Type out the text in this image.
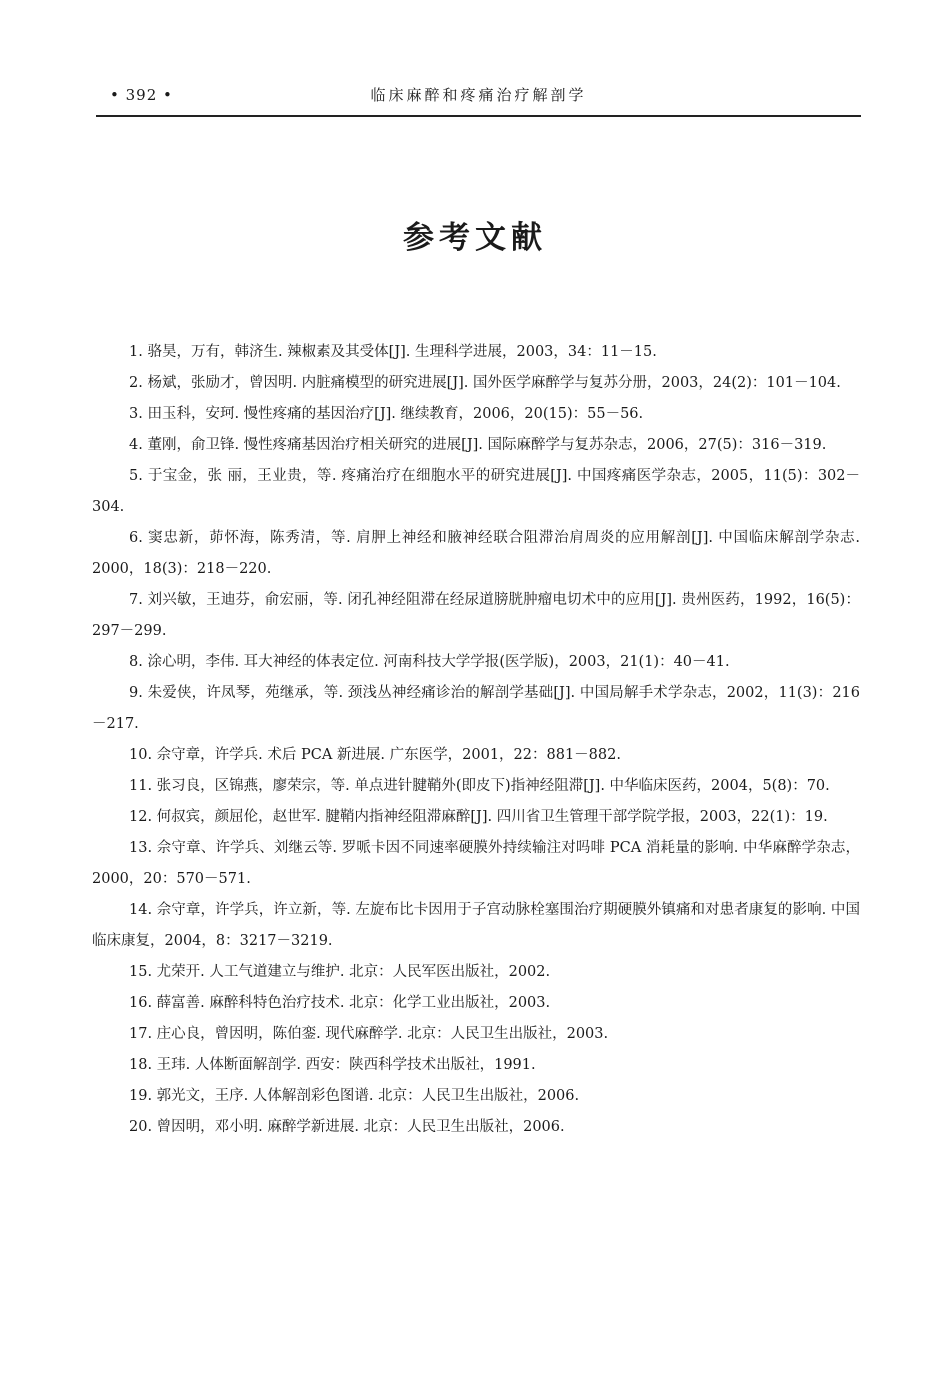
• 392 •	临床麻醉和疼痛治疗解剖学
参考文献

1. 骆昊，万有，韩济生. 辣椒素及其受体[J]. 生理科学进展，2003，34：11－15.

2. 杨斌，张励才，曾因明. 内脏痛模型的研究进展[J]. 国外医学麻醉学与复苏分册，2003，24(2)：101－104.

3. 田玉科，安珂. 慢性疼痛的基因治疗[J]. 继续教育，2006，20(15)：55－56.

4. 董刚，俞卫锋. 慢性疼痛基因治疗相关研究的进展[J]. 国际麻醉学与复苏杂志，2006，27(5)：316－319.

5. 于宝金，张 丽，王业贵，等. 疼痛治疗在细胞水平的研究进展[J]. 中国疼痛医学杂志，2005，11(5)：302－304.

6. 窦忠新，茆怀海，陈秀清，等. 肩胛上神经和腋神经联合阻滞治肩周炎的应用解剖[J]. 中国临床解剖学杂志. 2000，18(3)：218－220.

7. 刘兴敏，王迪芬，俞宏丽，等. 闭孔神经阻滞在经尿道膀胱肿瘤电切术中的应用[J]. 贵州医药，1992，16(5)：297－299.

8. 涂心明，李伟. 耳大神经的体表定位. 河南科技大学学报(医学版)，2003，21(1)：40－41.

9. 朱爱侠，许凤琴，苑继承，等. 颈浅丛神经痛诊治的解剖学基础[J]. 中国局解手术学杂志，2002，11(3)：216－217.

10. 佘守章，许学兵. 术后 PCA 新进展. 广东医学，2001，22：881－882.

11. 张习良，区锦燕，廖荣宗，等. 单点进针腱鞘外(即皮下)指神经阻滞[J]. 中华临床医药，2004，5(8)：70.

12. 何叔宾，颜屈伦，赵世军. 腱鞘内指神经阻滞麻醉[J]. 四川省卫生管理干部学院学报，2003，22(1)：19.

13. 佘守章、许学兵、刘继云等. 罗哌卡因不同速率硬膜外持续输注对吗啡 PCA 消耗量的影响. 中华麻醉学杂志，2000，20：570－571.

14. 佘守章，许学兵，许立新，等. 左旋布比卡因用于子宫动脉栓塞围治疗期硬膜外镇痛和对患者康复的影响. 中国临床康复，2004，8：3217－3219.

15. 尤荣开. 人工气道建立与维护. 北京：人民军医出版社，2002.

16. 薛富善. 麻醉科特色治疗技术. 北京：化学工业出版社，2003.

17. 庄心良，曾因明，陈伯銮. 现代麻醉学. 北京：人民卫生出版社，2003.

18. 王玮. 人体断面解剖学. 西安：陕西科学技术出版社，1991.

19. 郭光文，王序. 人体解剖彩色图谱. 北京：人民卫生出版社，2006.

20. 曾因明，邓小明. 麻醉学新进展. 北京：人民卫生出版社，2006.
